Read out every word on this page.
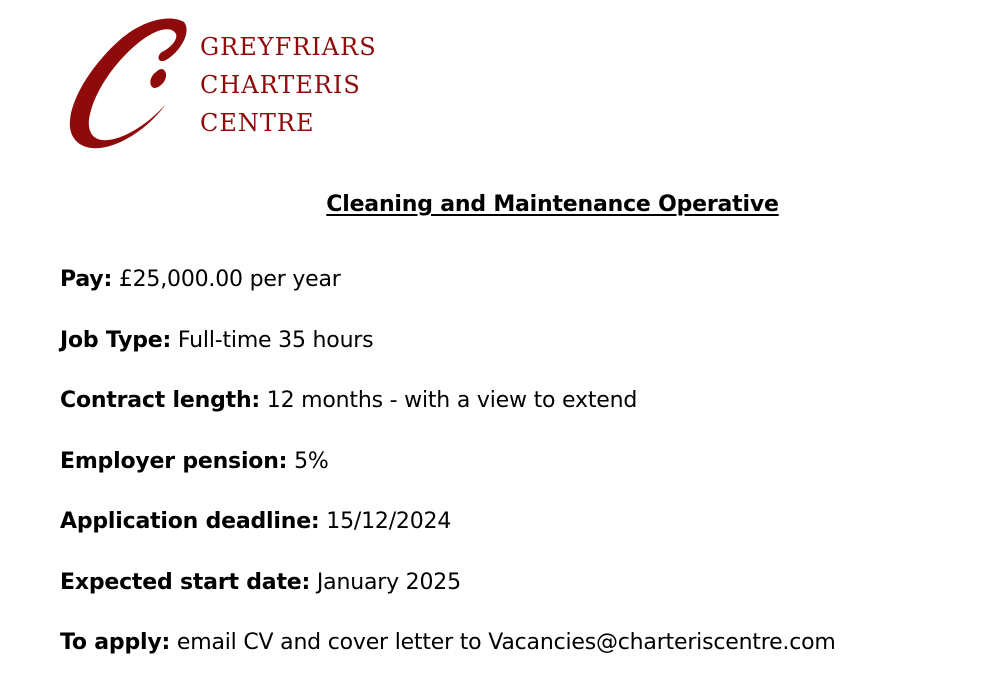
GREYFRIARS
CHARTERIS
CENTRE
Cleaning and Maintenance Operative
Pay: £25,000.00 per year
Job Type: Full-time 35 hours
Contract length: 12 months - with a view to extend
Employer pension: 5%
Application deadline: 15/12/2024
Expected start date: January 2025
To apply: email CV and cover letter to Vacancies@charteriscentre.com
